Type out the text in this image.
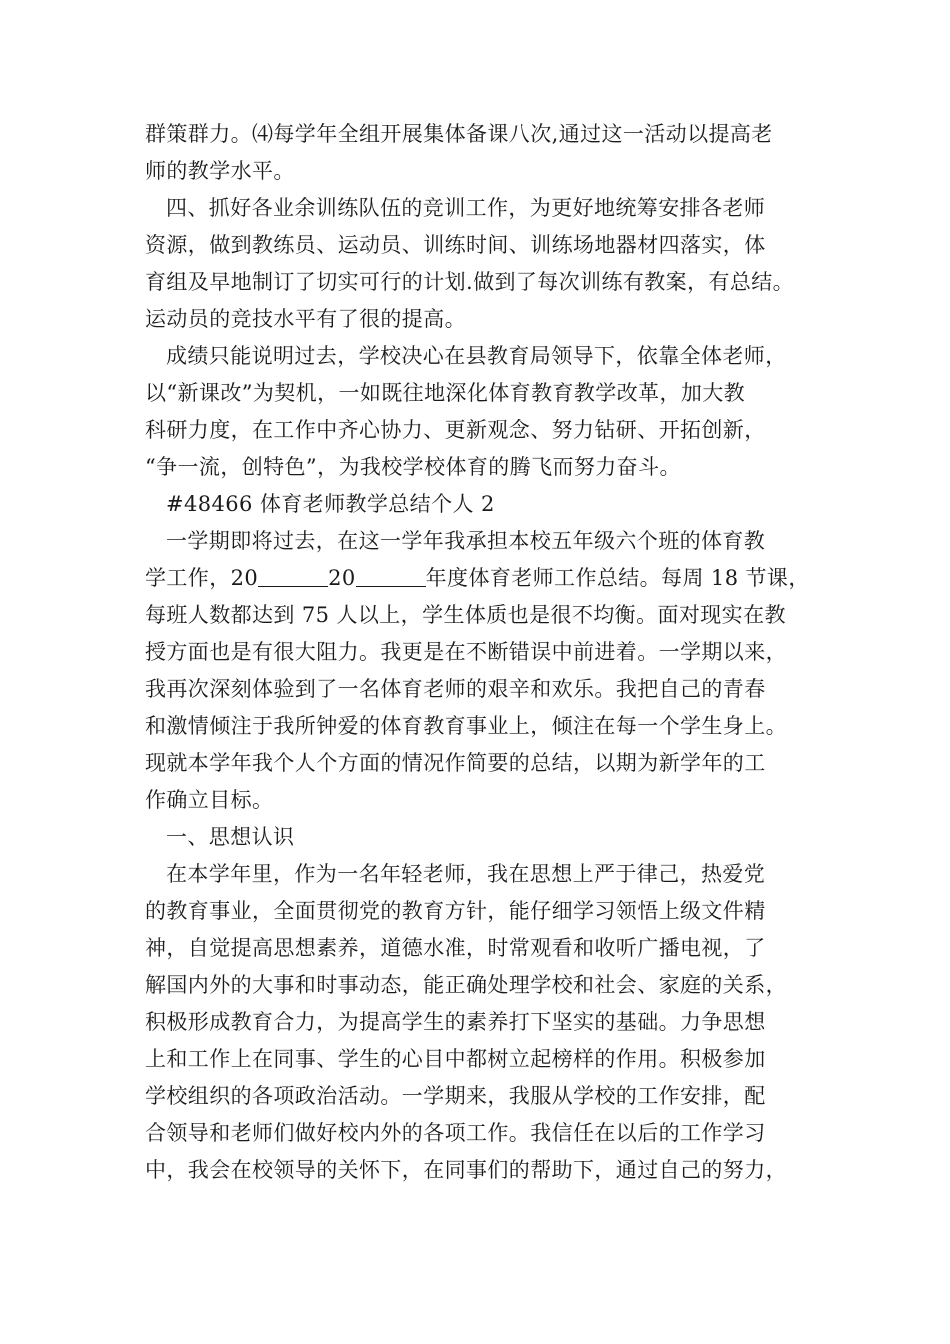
群策群力。⑷每学年全组开展集体备课八次,通过这一活动以提高老
师的教学水平。
四、抓好各业余训练队伍的竞训工作，为更好地统筹安排各老师
资源，做到教练员、运动员、训练时间、训练场地器材四落实，体
育组及早地制订了切实可行的计划.做到了每次训练有教案，有总结。
运动员的竞技水平有了很的提高。
成绩只能说明过去，学校决心在县教育局领导下，依靠全体老师，
以“新课改”为契机，一如既往地深化体育教育教学改革，加大教
科研力度，在工作中齐心协力、更新观念、努力钻研、开拓创新，
“争一流，创特色”，为我校学校体育的腾飞而努力奋斗。
#48466 体育老师教学总结个人 2
一学期即将过去，在这一学年我承担本校五年级六个班的体育教
学工作，20	20	年度体育老师工作总结。每周 18 节课，
每班人数都达到 75 人以上，学生体质也是很不均衡。面对现实在教
授方面也是有很大阻力。我更是在不断错误中前进着。一学期以来，
我再次深刻体验到了一名体育老师的艰辛和欢乐。我把自己的青春
和激情倾注于我所钟爱的体育教育事业上，倾注在每一个学生身上。
现就本学年我个人个方面的情况作简要的总结，以期为新学年的工
作确立目标。
一、思想认识
在本学年里，作为一名年轻老师，我在思想上严于律己，热爱党
的教育事业，全面贯彻党的教育方针，能仔细学习领悟上级文件精
神，自觉提高思想素养，道德水准，时常观看和收听广播电视，了
解国内外的大事和时事动态，能正确处理学校和社会、家庭的关系，
积极形成教育合力，为提高学生的素养打下坚实的基础。力争思想
上和工作上在同事、学生的心目中都树立起榜样的作用。积极参加
学校组织的各项政治活动。一学期来，我服从学校的工作安排，配
合领导和老师们做好校内外的各项工作。我信任在以后的工作学习
中，我会在校领导的关怀下，在同事们的帮助下，通过自己的努力，
